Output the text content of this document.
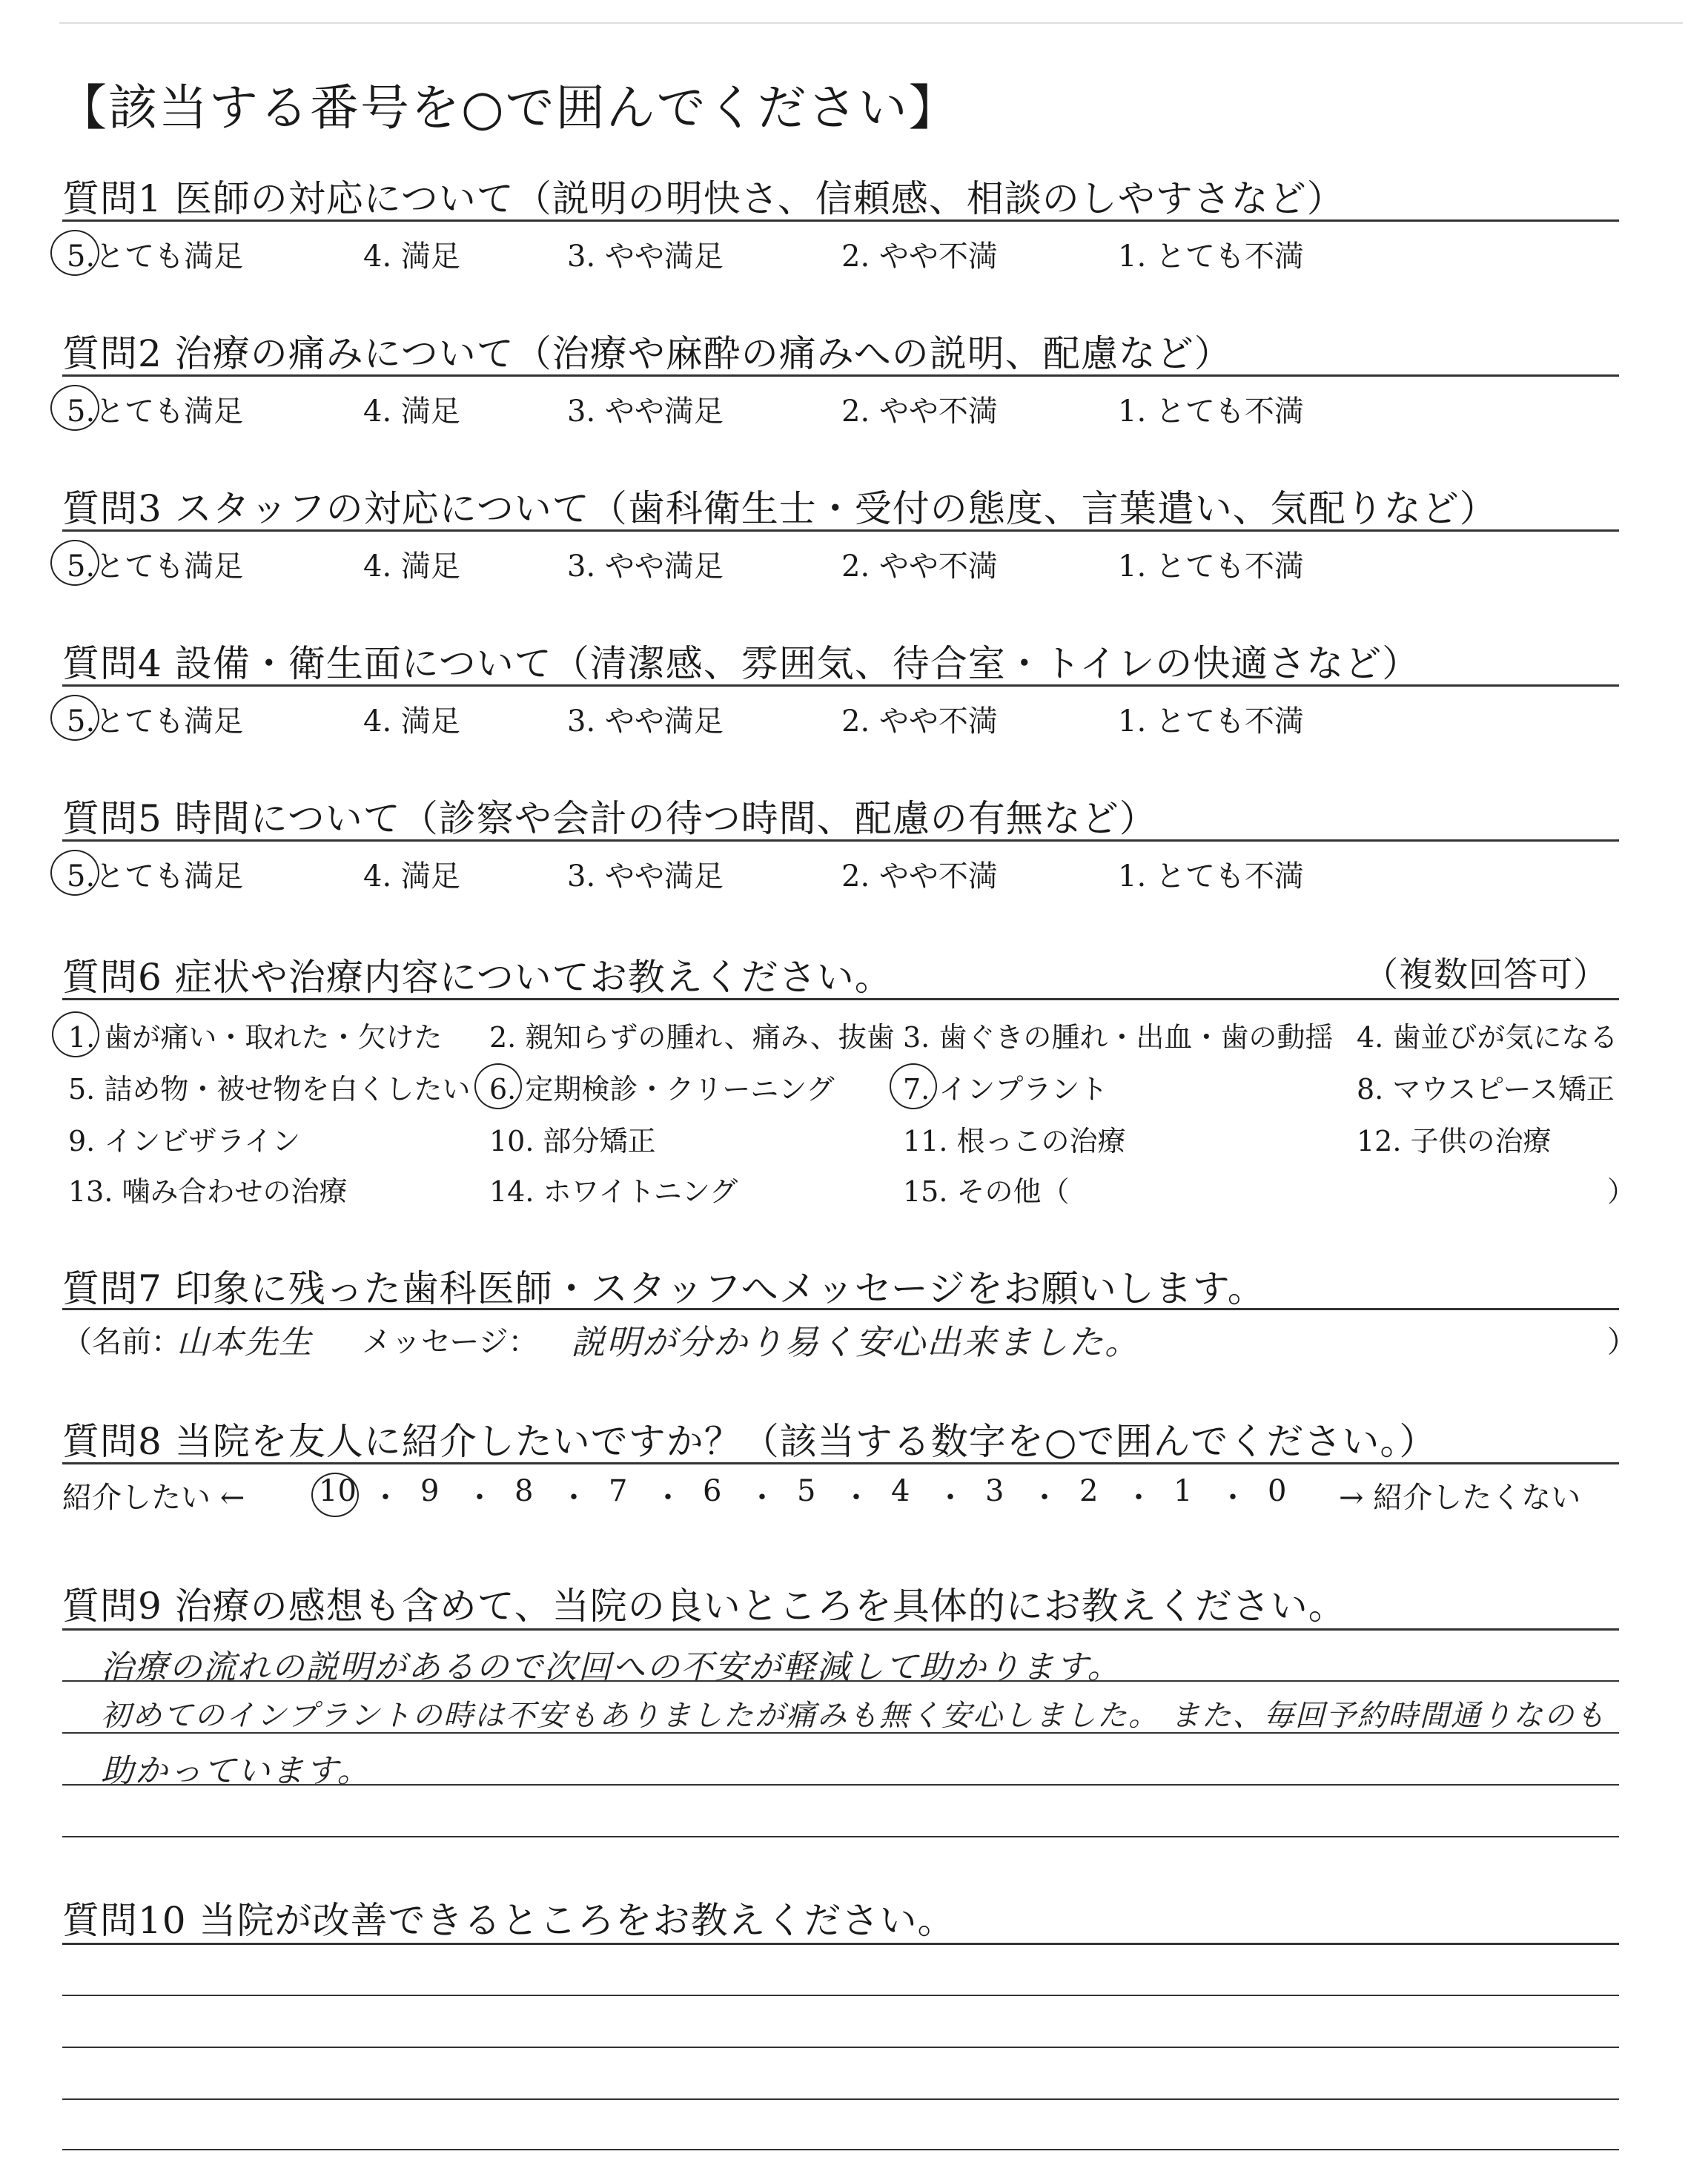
【該当する番号を○で囲んでください】
質問1 医師の対応について（説明の明快さ、信頼感、相談のしやすさなど）
5.とても満足	4. 満足	3. やや満足	2. やや不満	1. とても不満
質問2 治療の痛みについて（治療や麻酔の痛みへの説明、配慮など）
5.とても満足	4. 満足	3. やや満足	2. やや不満	1. とても不満
質問3 スタッフの対応について（歯科衛生士・受付の態度、言葉遣い、気配りなど）
5.とても満足	4. 満足	3. やや満足	2. やや不満	1. とても不満
質問4 設備・衛生面について（清潔感、雰囲気、待合室・トイレの快適さなど）
5.とても満足	4. 満足	3. やや満足	2. やや不満	1. とても不満
質問5 時間について（診察や会計の待つ時間、配慮の有無など）
5.とても満足	4. 満足	3. やや満足	2. やや不満	1. とても不満
質問6 症状や治療内容についてお教えください。	（複数回答可）
1. 歯が痛い・取れた・欠けた 2. 親知らずの腫れ、痛み、抜歯 3. 歯ぐきの腫れ・出血・歯の動揺 4. 歯並びが気になる
5. 詰め物・被せ物を白くしたい 6. 定期検診・クリーニング 7. インプラント	8. マウスピース矯正
9. インビザライン	10. 部分矯正	11. 根っこの治療	12. 子供の治療
13. 噛み合わせの治療	14. ホワイトニング	15. その他（	）
質問7 印象に残った歯科医師・スタッフへメッセージをお願いします。
（名前：
山本先生 メッセージ： 説明が分かり易く安心出来ました。	）
質問8 当院を友人に紹介したいですか？（該当する数字を○で囲んでください。）
紹介したい ← 10 ・ 9 ・ 8 ・ 7 ・ 6 ・ 5 ・ 4 ・ 3 ・ 2 ・ 1 ・ 0 → 紹介したくない
質問9 治療の感想も含めて、当院の良いところを具体的にお教えください。
治療の流れの説明があるので次回への不安が軽減して助かります。
初めてのインプラントの時は不安もありましたが痛みも無く安心しました。 また、毎回予約時間通りなのも
助かっています。
質問10 当院が改善できるところをお教えください。
